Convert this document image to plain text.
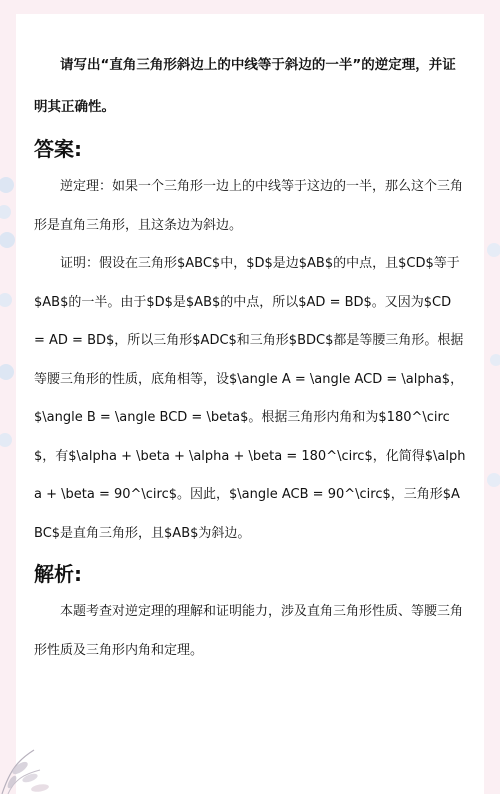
请写出“直角三角形斜边上的中线等于斜边的一半”的逆定理，并证明其正确性。

答案:

逆定理：如果一个三角形一边上的中线等于这边的一半，那么这个三角形是直角三角形，且这条边为斜边。

证明：假设在三角形$ABC$中，$D$是边$AB$的中点，且$CD$等于$AB$的一半。由于$D$是$AB$的中点，所以$AD = BD$。又因为$CD = AD = BD$，所以三角形$ADC$和三角形$BDC$都是等腰三角形。根据等腰三角形的性质，底角相等，设$\angle A = \angle ACD = \alpha$，$\angle B = \angle BCD = \beta$。根据三角形内角和为$180^\circ$，有$\alpha + \beta + \alpha + \beta = 180^\circ$，化简得$\alpha + \beta = 90^\circ$。因此，$\angle ACB = 90^\circ$，三角形$ABC$是直角三角形，且$AB$为斜边。

解析:

本题考查对逆定理的理解和证明能力，涉及直角三角形性质、等腰三角形性质及三角形内角和定理。
